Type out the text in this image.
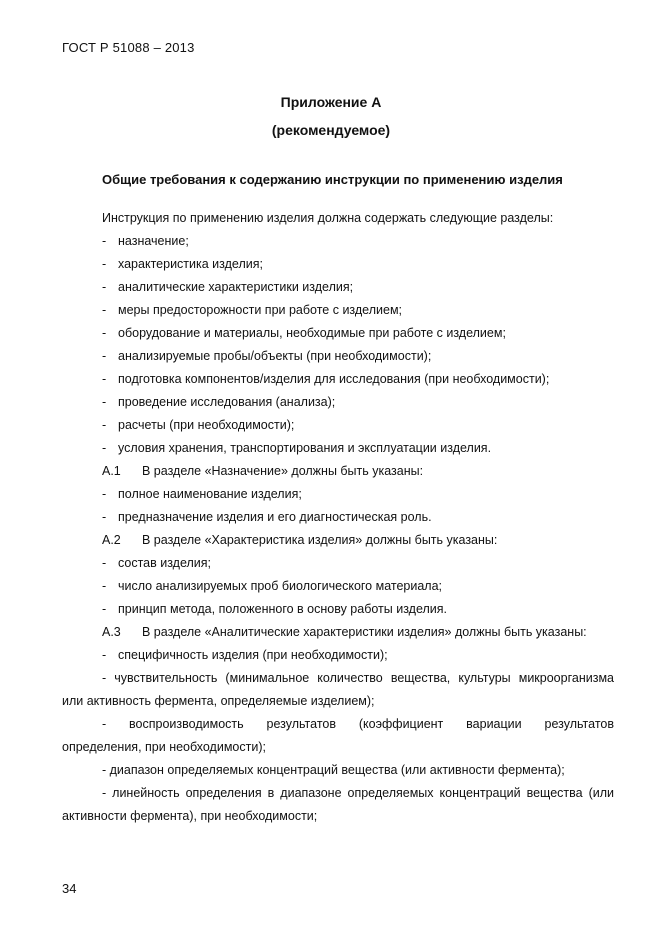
ГОСТ Р 51088 – 2013
Приложение А
(рекомендуемое)
Общие требования к содержанию инструкции по применению изделия
Инструкция по применению изделия должна содержать следующие разделы:
- назначение;
- характеристика изделия;
- аналитические характеристики изделия;
- меры предосторожности при работе с изделием;
- оборудование и материалы, необходимые при работе с изделием;
- анализируемые пробы/объекты (при необходимости);
- подготовка компонентов/изделия для исследования (при необходимости);
- проведение исследования (анализа);
- расчеты (при необходимости);
- условия хранения, транспортирования и эксплуатации изделия.
А.1 В разделе «Назначение» должны быть указаны:
- полное наименование изделия;
- предназначение изделия и его диагностическая роль.
А.2 В разделе «Характеристика изделия» должны быть указаны:
- состав изделия;
- число анализируемых проб биологического материала;
- принцип метода, положенного в основу работы изделия.
А.3 В разделе «Аналитические характеристики изделия» должны быть указаны:
- специфичность изделия (при необходимости);
- чувствительность (минимальное количество вещества, культуры микроорганизма
или активность фермента, определяемые изделием);
- воспроизводимость результатов (коэффициент вариации результатов
определения, при необходимости);
- диапазон определяемых концентраций вещества (или активности фермента);
- линейность определения в диапазоне определяемых концентраций вещества (или
активности фермента), при необходимости;
34
